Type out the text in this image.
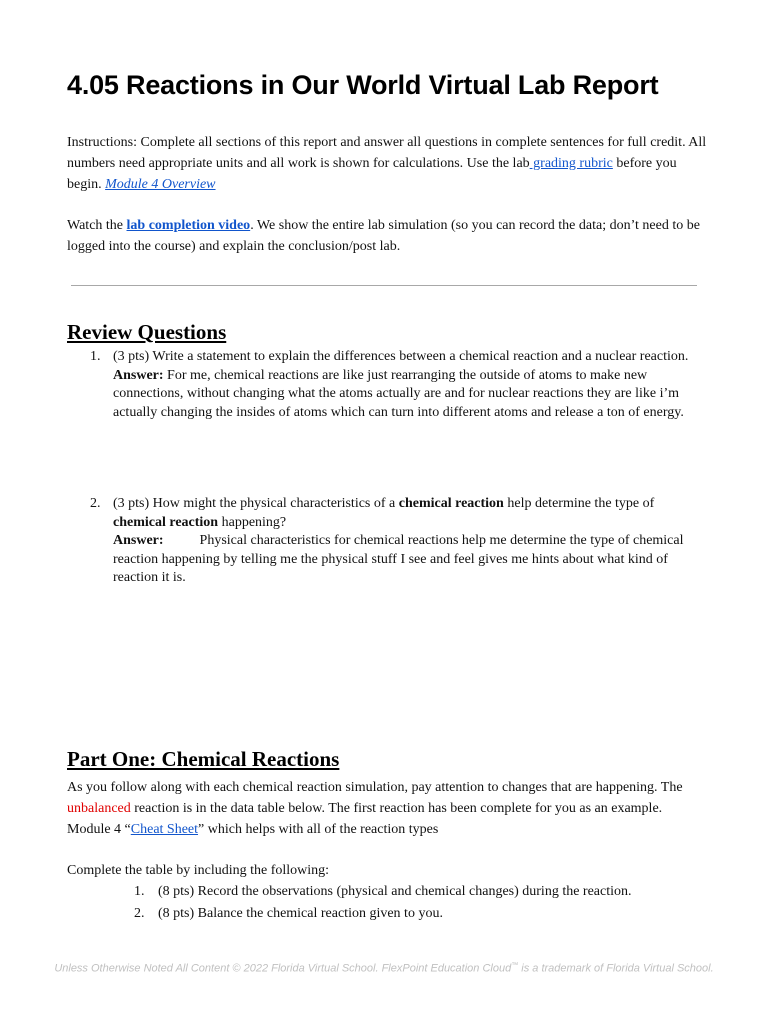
4.05 Reactions in Our World Virtual Lab Report
Instructions: Complete all sections of this report and answer all questions in complete sentences for full credit. All numbers need appropriate units and all work is shown for calculations. Use the lab grading rubric before you begin. Module 4 Overview
Watch the lab completion video. We show the entire lab simulation (so you can record the data; don’t need to be logged into the course) and explain the conclusion/post lab.
Review Questions
1. (3 pts) Write a statement to explain the differences between a chemical reaction and a nuclear reaction.
Answer: For me, chemical reactions are like just rearranging the outside of atoms to make new connections, without changing what the atoms actually are and for nuclear reactions they are like i’m actually changing the insides of atoms which can turn into different atoms and release a ton of energy.
2. (3 pts) How might the physical characteristics of a chemical reaction help determine the type of chemical reaction happening?
Answer:	Physical characteristics for chemical reactions help me determine the type of chemical reaction happening by telling me the physical stuff I see and feel gives me hints about what kind of reaction it is.
Part One: Chemical Reactions
As you follow along with each chemical reaction simulation, pay attention to changes that are happening. The unbalanced reaction is in the data table below. The first reaction has been complete for you as an example. Module 4 “Cheat Sheet” which helps with all of the reaction types
Complete the table by including the following:
1. (8 pts) Record the observations (physical and chemical changes) during the reaction.
2. (8 pts) Balance the chemical reaction given to you.
Unless Otherwise Noted All Content © 2022 Florida Virtual School. FlexPoint Education Cloud™ is a trademark of Florida Virtual School.
